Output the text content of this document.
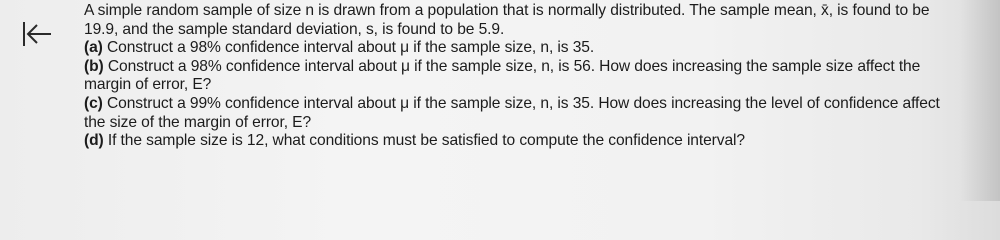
A simple random sample of size n is drawn from a population that is normally distributed. The sample mean, x̄, is found to be 19.9, and the sample standard deviation, s, is found to be 5.9.

(a) Construct a 98% confidence interval about μ if the sample size, n, is 35.

(b) Construct a 98% confidence interval about μ if the sample size, n, is 56. How does increasing the sample size affect the margin of error, E?

(c) Construct a 99% confidence interval about μ if the sample size, n, is 35. How does increasing the level of confidence affect the size of the margin of error, E?

(d) If the sample size is 12, what conditions must be satisfied to compute the confidence interval?
